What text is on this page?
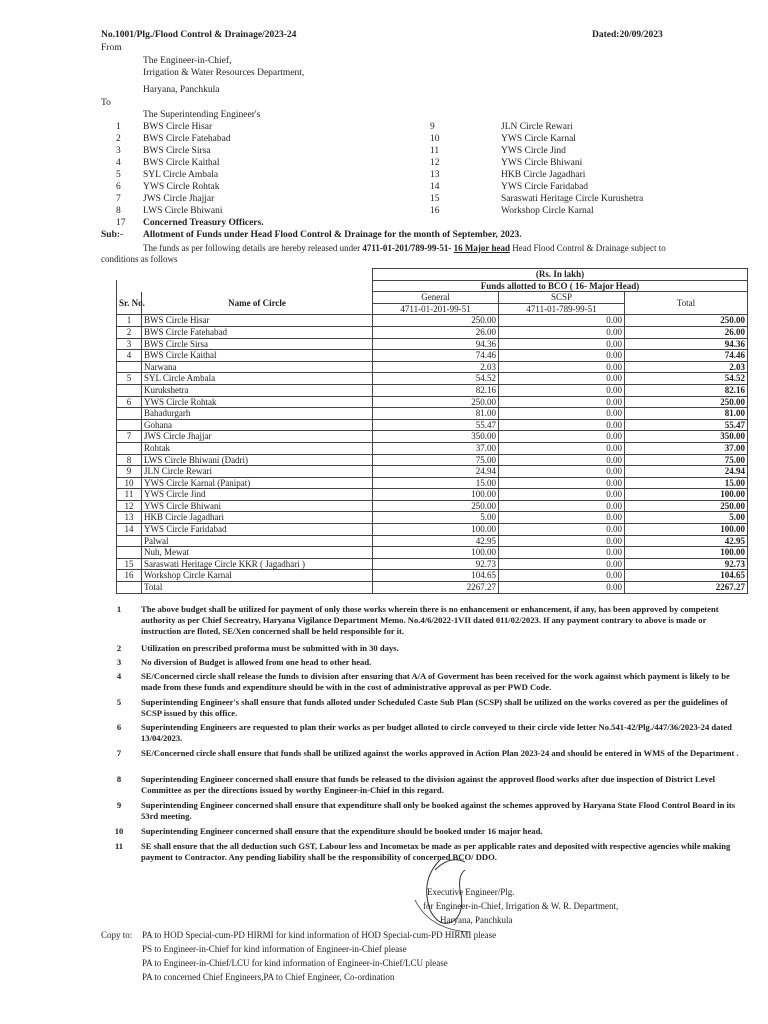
No.1001/Plg./Flood Control & Drainage/2023-24	Dated:20/09/2023
From
The Engineer-in-Chief,
Irrigation & Water Resources Department,
Haryana, Panchkula
To
The Superintending Engineer's
1 BWS Circle Hisar
2 BWS Circle Fatehabad
3 BWS Circle Sirsa
4 BWS Circle Kaithal
5 SYL Circle Ambala
6 YWS Circle Rohtak
7 JWS Circle Jhajjar
8 LWS Circle Bhiwani
17 Concerned Treasury Officers.
9	JLN Circle Rewari
10	YWS Circle Karnal
11	YWS Circle Jind
12	YWS Circle Bhiwani
13	HKB Circle Jagadhari
14	YWS Circle Faridabad
15	Saraswati Heritage Circle Kurushetra
16	Workshop Circle Karnal
Sub:- Allotment of Funds under Head Flood Control & Drainage for the month of September, 2023.
The funds as per following details are hereby released under 4711-01-201/789-99-51- 16 Major head Head Flood Control & Drainage subject to
conditions as follows
		(Rs. In lakh)		
		Funds allotted to BCO ( 16- Major Head)		
Sr. No.	Name of Circle	General	SCSP	Total
		4711-01-201-99-51	4711-01-789-99-51	
1	BWS Circle Hisar	250.00	0.00	250.00
2	BWS Circle Fatehabad	26.00	0.00	26.00
3	BWS Circle Sirsa	94.36	0.00	94.36
4	BWS Circle Kaithal	74.46	0.00	74.46
	Narwana	2.03	0.00	2.03
5	SYL Circle Ambala	54.52	0.00	54.52
	Kurukshetra	82.16	0.00	82.16
6	YWS Circle Rohtak	250.00	0.00	250.00
	Bahadurgarh	81.00	0.00	81.00
	Gohana	55.47	0.00	55.47
7	JWS Circle Jhajjar	350.00	0.00	350.00
	Rohtak	37.00	0.00	37.00
8	LWS Circle Bhiwani (Dadri)	75.00	0.00	75.00
9	JLN Circle Rewari	24.94	0.00	24.94
10	YWS Circle Karnal (Panipat)	15.00	0.00	15.00
11	YWS Circle Jind	100.00	0.00	100.00
12	YWS Circle Bhiwani	250.00	0.00	250.00
13	HKB Circle Jagadhari	5.00	0.00	5.00
14	YWS Circle Faridabad	100.00	0.00	100.00
	Palwal	42.95	0.00	42.95
	Nuh, Mewat	100.00	0.00	100.00
15	Saraswati Heritage Circle KKR ( Jagadhari )	92.73	0.00	92.73
16	Workshop Circle Karnal	104.65	0.00	104.65
	Total	2267.27	0.00	2267.27
1	The above budget shall be utilized for payment of only those works wherein there is no enhancement or enhancement, if any, has been approved by competent authority as per Chief Secreatry, Haryana Vigilance Department Memo. No.4/6/2022-1VII dated 011/02/2023. If any payment contrary to above is made or instruction are floted, SE/Xen concerned shall be held responsible for it.
2	Utilization on prescribed proforma must be submitted with in 30 days.
3	No diversion of Budget is allowed from one head to other head.
4	SE/Concerned circle shall release the funds to division after ensuring that A/A of Goverment has been received for the work against which payment is likely to be made from these funds and expenditure should be with in the cost of administrative approval as per PWD Code.
5	Superintending Engineer's shall ensure that funds alloted under Scheduled Caste Sub Plan (SCSP) shall be utilized on the works covered as per the guidelines of SCSP issued by this office.
6	Superintending Engineers are requested to plan their works as per budget alloted to circle conveyed to their circle vide letter No.541-42/Plg./447/36/2023-24 dated 13/04/2023.
7	SE/Concerned circle shall ensure that funds shall be utilized against the works approved in Action Plan 2023-24 and should be entered in WMS of the Department .
8	Superintending Engineer concerned shall ensure that funds be released to the division against the approved flood works after due inspection of District Level Committee as per the directions issued by worthy Engineer-in-Chief in this regard.
9	Superintending Engineer concerned shall ensure that expenditure shall only be booked against the schemes approved by Haryana State Flood Control Board in its 53rd meeting.
10	Superintending Engineer concerned shall ensure that the expenditure should be booked under 16 major head.
11	SE shall ensure that the all deduction such GST, Labour less and Incometax be made as per applicable rates and deposited with respective agencies while making payment to Contractor. Any pending liability shall be the responsibility of concerned BCO/ DDO.
Executive Engineer/Plg.
for Engineer-in-Chief, Irrigation & W. R. Department,
Haryana, Panchkula
Copy to: PA to HOD Special-cum-PD HIRMI for kind information of HOD Special-cum-PD HIRMI please
PS to Engineer-in-Chief for kind information of Engineer-in-Chief please
PA to Engineer-in-Chief/LCU for kind information of Engineer-in-Chief/LCU please
PA to concerned Chief Engineers,PA to Chief Engineer, Co-ordination
